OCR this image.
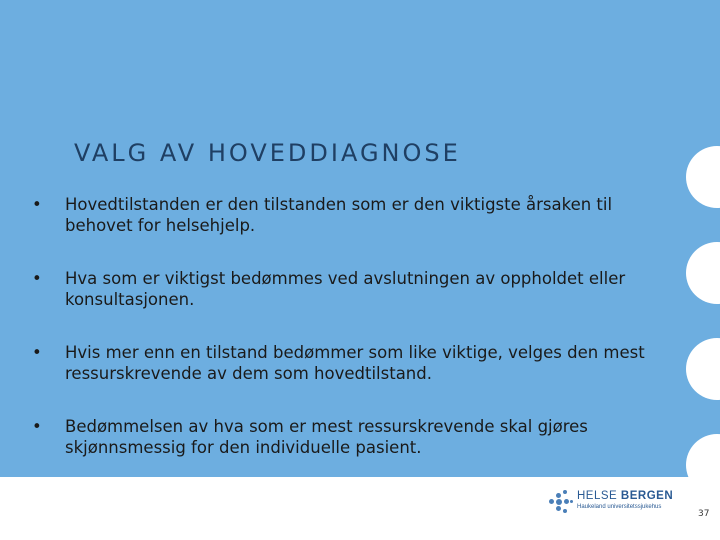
VALG AV HOVEDDIAGNOSE
•	Hovedtilstanden er den tilstanden som er den viktigste årsaken til behovet for helsehjelp.
•	Hva som er viktigst bedømmes ved avslutningen av oppholdet eller konsultasjonen.
•	Hvis mer enn en tilstand bedømmer som like viktige, velges den mest ressurskrevende av dem som hovedtilstand.
•	Bedømmelsen av hva som er mest ressurskrevende skal gjøres skjønnsmessig for den individuelle pasient.
HELSE BERGEN
Haukeland universitetssjukehus
37
